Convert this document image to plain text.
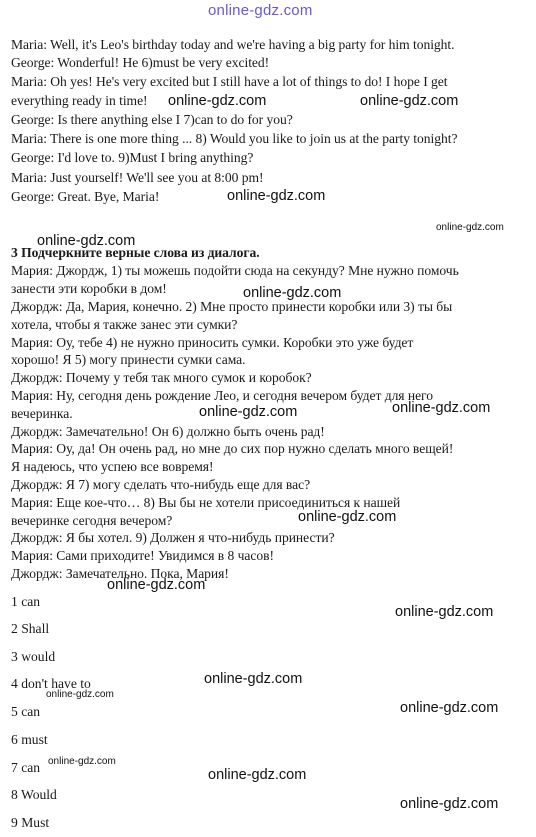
online-gdz.com
Maria: Well, it's Leo's birthday today and we're having a big party for him tonight.
George: Wonderful! He 6)must be very excited!
Maria: Oh yes! He's very excited but I still have a lot of things to do! I hope I get
everything ready in time!
George: Is there anything else I 7)can to do for you?
Maria: There is one more thing ... 8) Would you like to join us at the party tonight?
George: I'd love to. 9)Must I bring anything?
Maria: Just yourself! We'll see you at 8:00 pm!
George: Great. Bye, Maria!
3 Подчеркните верные слова из диалога.
Мария: Джордж, 1) ты можешь подойти сюда на секунду? Мне нужно помочь
занести эти коробки в дом!
Джордж: Да, Мария, конечно. 2) Мне просто принести коробки или 3) ты бы
хотела, чтобы я также занес эти сумки?
Мария: Оу, тебе 4) не нужно приносить сумки. Коробки это уже будет
хорошо! Я 5) могу принести сумки сама.
Джордж: Почему у тебя так много сумок и коробок?
Мария: Ну, сегодня день рождение Лео, и сегодня вечером будет для него
вечеринка.
Джордж: Замечательно! Он 6) должно быть очень рад!
Мария: Оу, да! Он очень рад, но мне до сих пор нужно сделать много вещей!
Я надеюсь, что успею все вовремя!
Джордж: Я 7) могу сделать что-нибудь еще для вас?
Мария: Еще кое-что… 8) Вы бы не хотели присоединиться к нашей
вечеринке сегодня вечером?
Джордж: Я бы хотел. 9) Должен я что-нибудь принести?
Мария: Сами приходите! Увидимся в 8 часов!
Джордж: Замечательно. Пока, Мария!
1 can
2 Shall
3 would
4 don't have to
5 can
6 must
7 can
8 Would
9 Must
online-gdz.com	online-gdz.com
online-gdz.com
online-gdz.com
online-gdz.com
online-gdz.com
online-gdz.com	online-gdz.com
online-gdz.com
online-gdz.com
online-gdz.com
online-gdz.com
online-gdz.com
online-gdz.com
online-gdz.com
online-gdz.com
online-gdz.com
